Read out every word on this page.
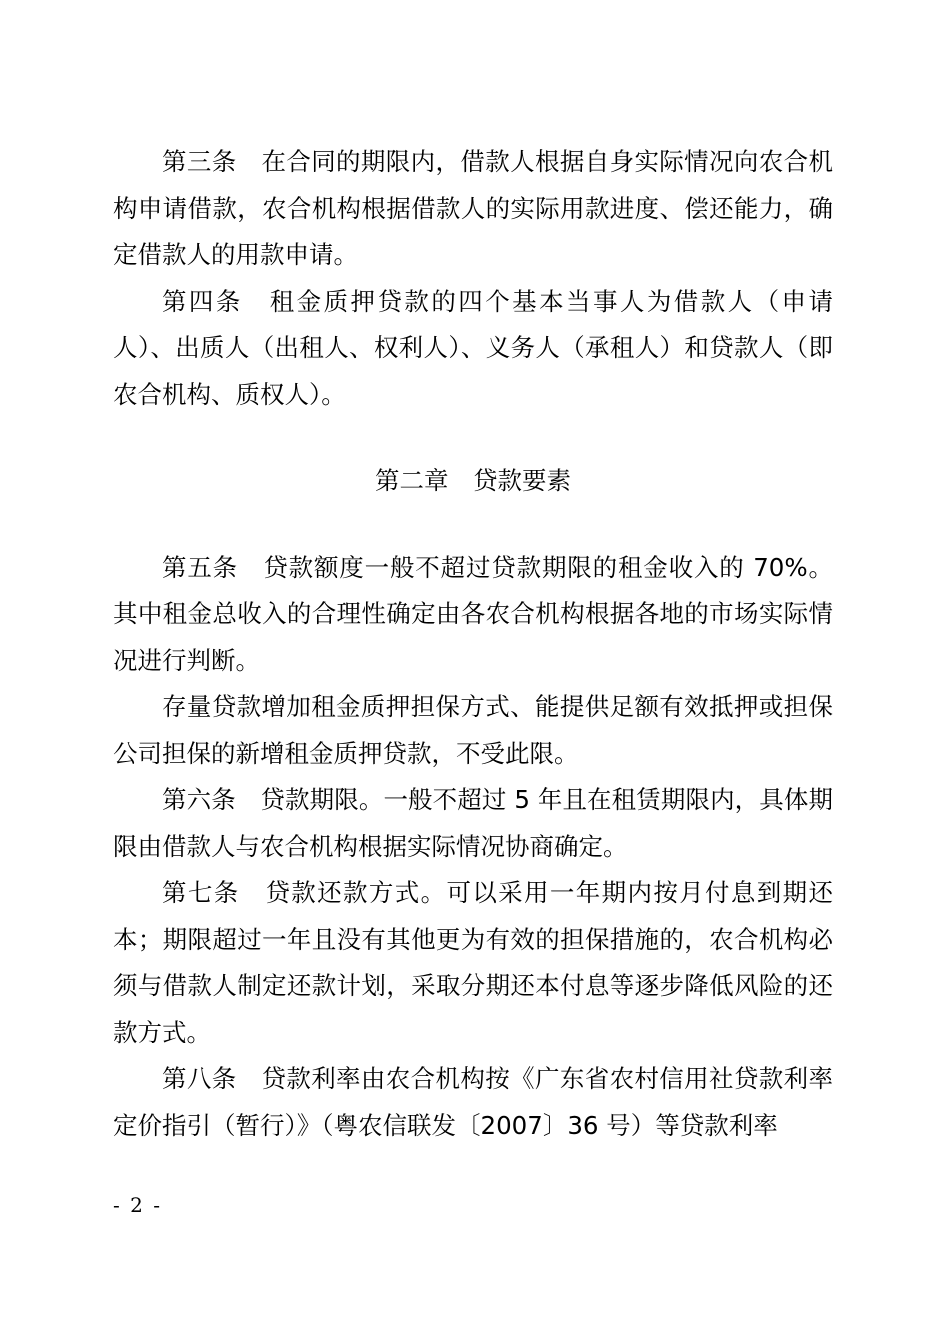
第三条　在合同的期限内，借款人根据自身实际情况向农合机构申请借款，农合机构根据借款人的实际用款进度、偿还能力，确定借款人的用款申请。

第四条　租金质押贷款的四个基本当事人为借款人（申请人）、出质人（出租人、权利人）、义务人（承租人）和贷款人（即农合机构、质权人）。

第二章　贷款要素

第五条　贷款额度一般不超过贷款期限的租金收入的 70%。其中租金总收入的合理性确定由各农合机构根据各地的市场实际情况进行判断。

存量贷款增加租金质押担保方式、能提供足额有效抵押或担保公司担保的新增租金质押贷款，不受此限。

第六条　贷款期限。一般不超过 5 年且在租赁期限内，具体期限由借款人与农合机构根据实际情况协商确定。

第七条　贷款还款方式。可以采用一年期内按月付息到期还本；期限超过一年且没有其他更为有效的担保措施的，农合机构必须与借款人制定还款计划，采取分期还本付息等逐步降低风险的还款方式。

第八条　贷款利率由农合机构按《广东省农村信用社贷款利率定价指引（暂行）》（粤农信联发〔2007〕36 号）等贷款利率

- 2 -
